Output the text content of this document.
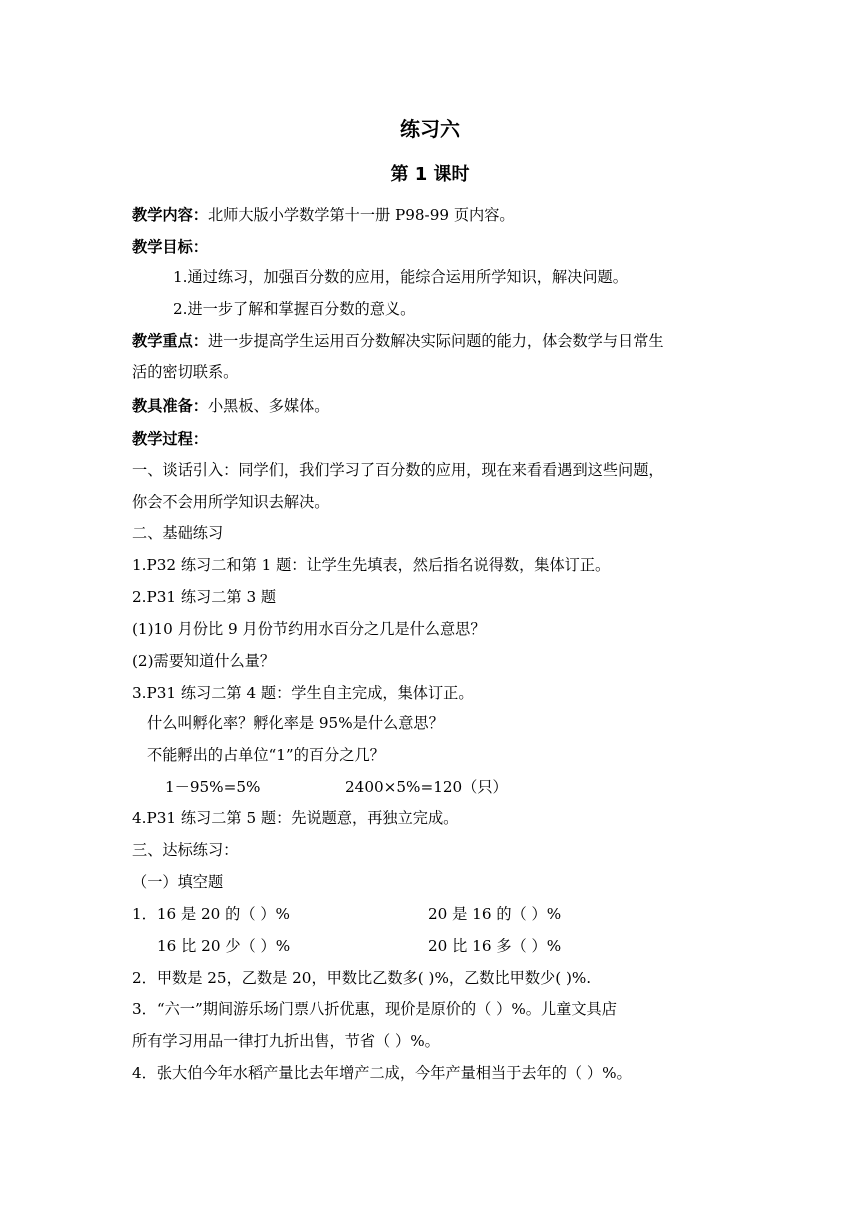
练习六
第 1 课时
教学内容：北师大版小学数学第十一册 P98-99 页内容。
教学目标：
1.通过练习，加强百分数的应用，能综合运用所学知识，解决问题。
2.进一步了解和掌握百分数的意义。
教学重点：进一步提高学生运用百分数解决实际问题的能力，体会数学与日常生
活的密切联系。
教具准备：小黑板、多媒体。
教学过程：
一、谈话引入：同学们，我们学习了百分数的应用，现在来看看遇到这些问题，
你会不会用所学知识去解决。
二、基础练习
1.P32 练习二和第 1 题：让学生先填表，然后指名说得数，集体订正。
2.P31 练习二第 3 题
(1)10 月份比 9 月份节约用水百分之几是什么意思？
(2)需要知道什么量？
3.P31 练习二第 4 题：学生自主完成，集体订正。
什么叫孵化率？孵化率是 95%是什么意思？
不能孵出的占单位“1”的百分之几？
1－95%=5%	2400×5%=120（只）
4.P31 练习二第 5 题：先说题意，再独立完成。
三、达标练习：
（一）填空题
1．16 是 20 的（ ）%	20 是 16 的（ ）%
16 比 20 少（ ）%	20 比 16 多（ ）%
2．甲数是 25，乙数是 20，甲数比乙数多( )%，乙数比甲数少( )%.
3．“六一”期间游乐场门票八折优惠，现价是原价的（ ）%。儿童文具店
所有学习用品一律打九折出售，节省（ ）%。
4．张大伯今年水稻产量比去年增产二成，今年产量相当于去年的（ ）%。
